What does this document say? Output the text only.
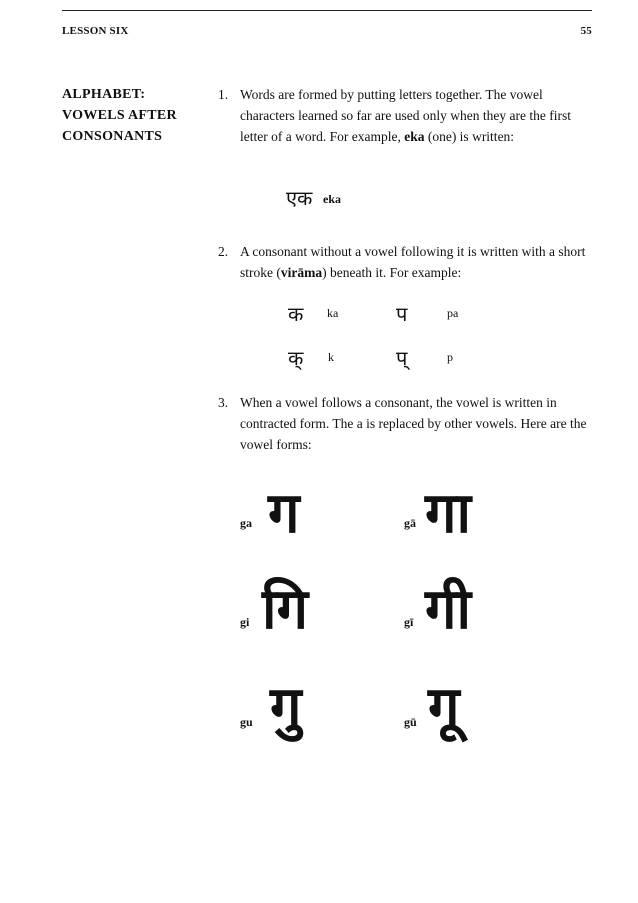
LESSON SIX	55
ALPHABET:
VOWELS AFTER
CONSONANTS
1. Words are formed by putting letters together. The vowel
characters learned so far are used only when they are the first
letter of a word. For example, eka (one) is written:
एक eka
2. A consonant without a vowel following it is written with a short
stroke (virāma) beneath it. For example:
क ka	प	pa
क् k	प्	p
3. When a vowel follows a consonant, the vowel is written in
contracted form. The a is replaced by other vowels. Here are the
vowel forms:
ga ग	gā गा
gi गि	gī गी
gu गु	gū गू
